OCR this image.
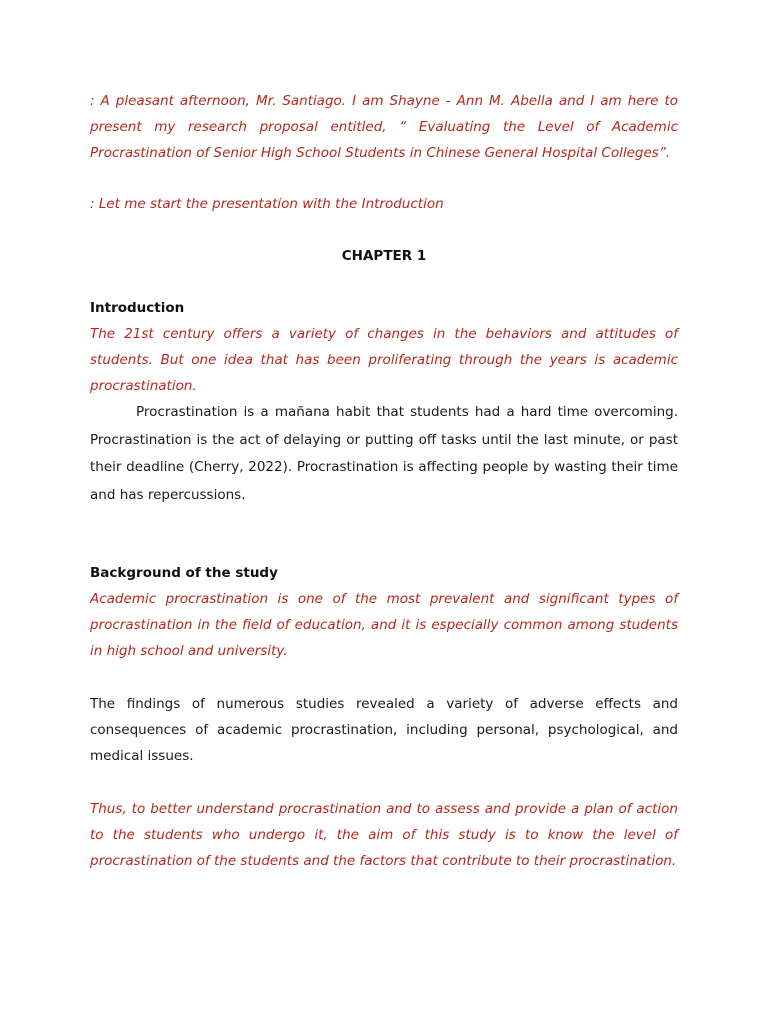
: A pleasant afternoon, Mr. Santiago. I am Shayne - Ann M. Abella and I am here to present my research proposal entitled, “ Evaluating the Level of Academic Procrastination of Senior High School Students in Chinese General Hospital Colleges”.

: Let me start the presentation with the Introduction

CHAPTER 1

Introduction

The 21st century offers a variety of changes in the behaviors and attitudes of students. But one idea that has been proliferating through the years is academic procrastination.

Procrastination is a mañana habit that students had a hard time overcoming. Procrastination is the act of delaying or putting off tasks until the last minute, or past their deadline (Cherry, 2022). Procrastination is affecting people by wasting their time and has repercussions.

Background of the study

Academic procrastination is one of the most prevalent and significant types of procrastination in the field of education, and it is especially common among students in high school and university.

The findings of numerous studies revealed a variety of adverse effects and consequences of academic procrastination, including personal, psychological, and medical issues.

Thus, to better understand procrastination and to assess and provide a plan of action to the students who undergo it, the aim of this study is to know the level of procrastination of the students and the factors that contribute to their procrastination.
